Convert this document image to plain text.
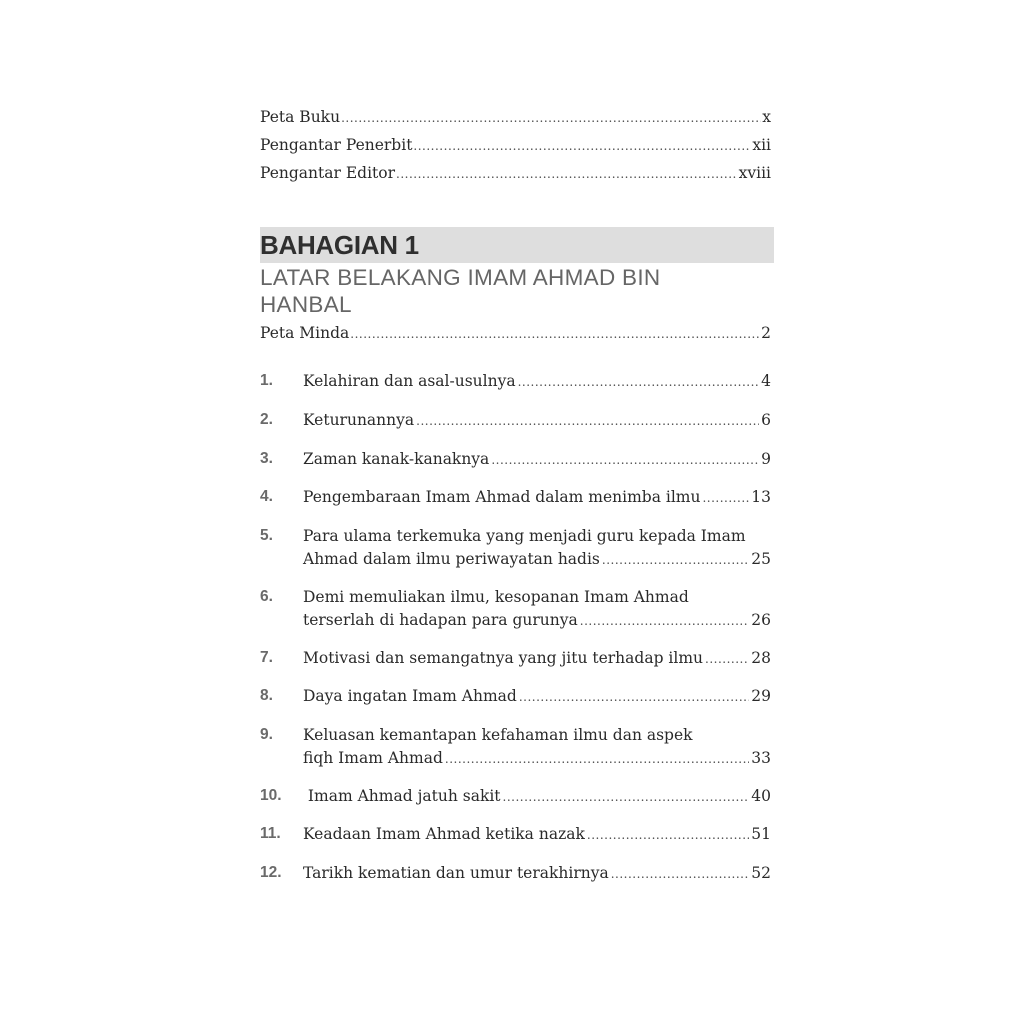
Peta Buku .....	x
Pengantar Penerbit .....	xii
Pengantar Editor .....	xviii
BAHAGIAN 1
LATAR BELAKANG IMAM AHMAD BIN HANBAL
Peta Minda .....	2
1. Kelahiran dan asal-usulnya .....	4
2. Keturunannya .....	6
3. Zaman kanak-kanaknya .....	9
4. Pengembaraan Imam Ahmad dalam menimba ilmu .....	13
5. Para ulama terkemuka yang menjadi guru kepada Imam
Ahmad dalam ilmu periwayatan hadis .....	25
6. Demi memuliakan ilmu, kesopanan Imam Ahmad
terserlah di hadapan para gurunya .....	26
7. Motivasi dan semangatnya yang jitu terhadap ilmu .....	28
8. Daya ingatan Imam Ahmad .....	29
9. Keluasan kemantapan kefahaman ilmu dan aspek
fiqh Imam Ahmad .....	33
10. Imam Ahmad jatuh sakit .....	40
11. Keadaan Imam Ahmad ketika nazak .....	51
12. Tarikh kematian dan umur terakhirnya .....	52
